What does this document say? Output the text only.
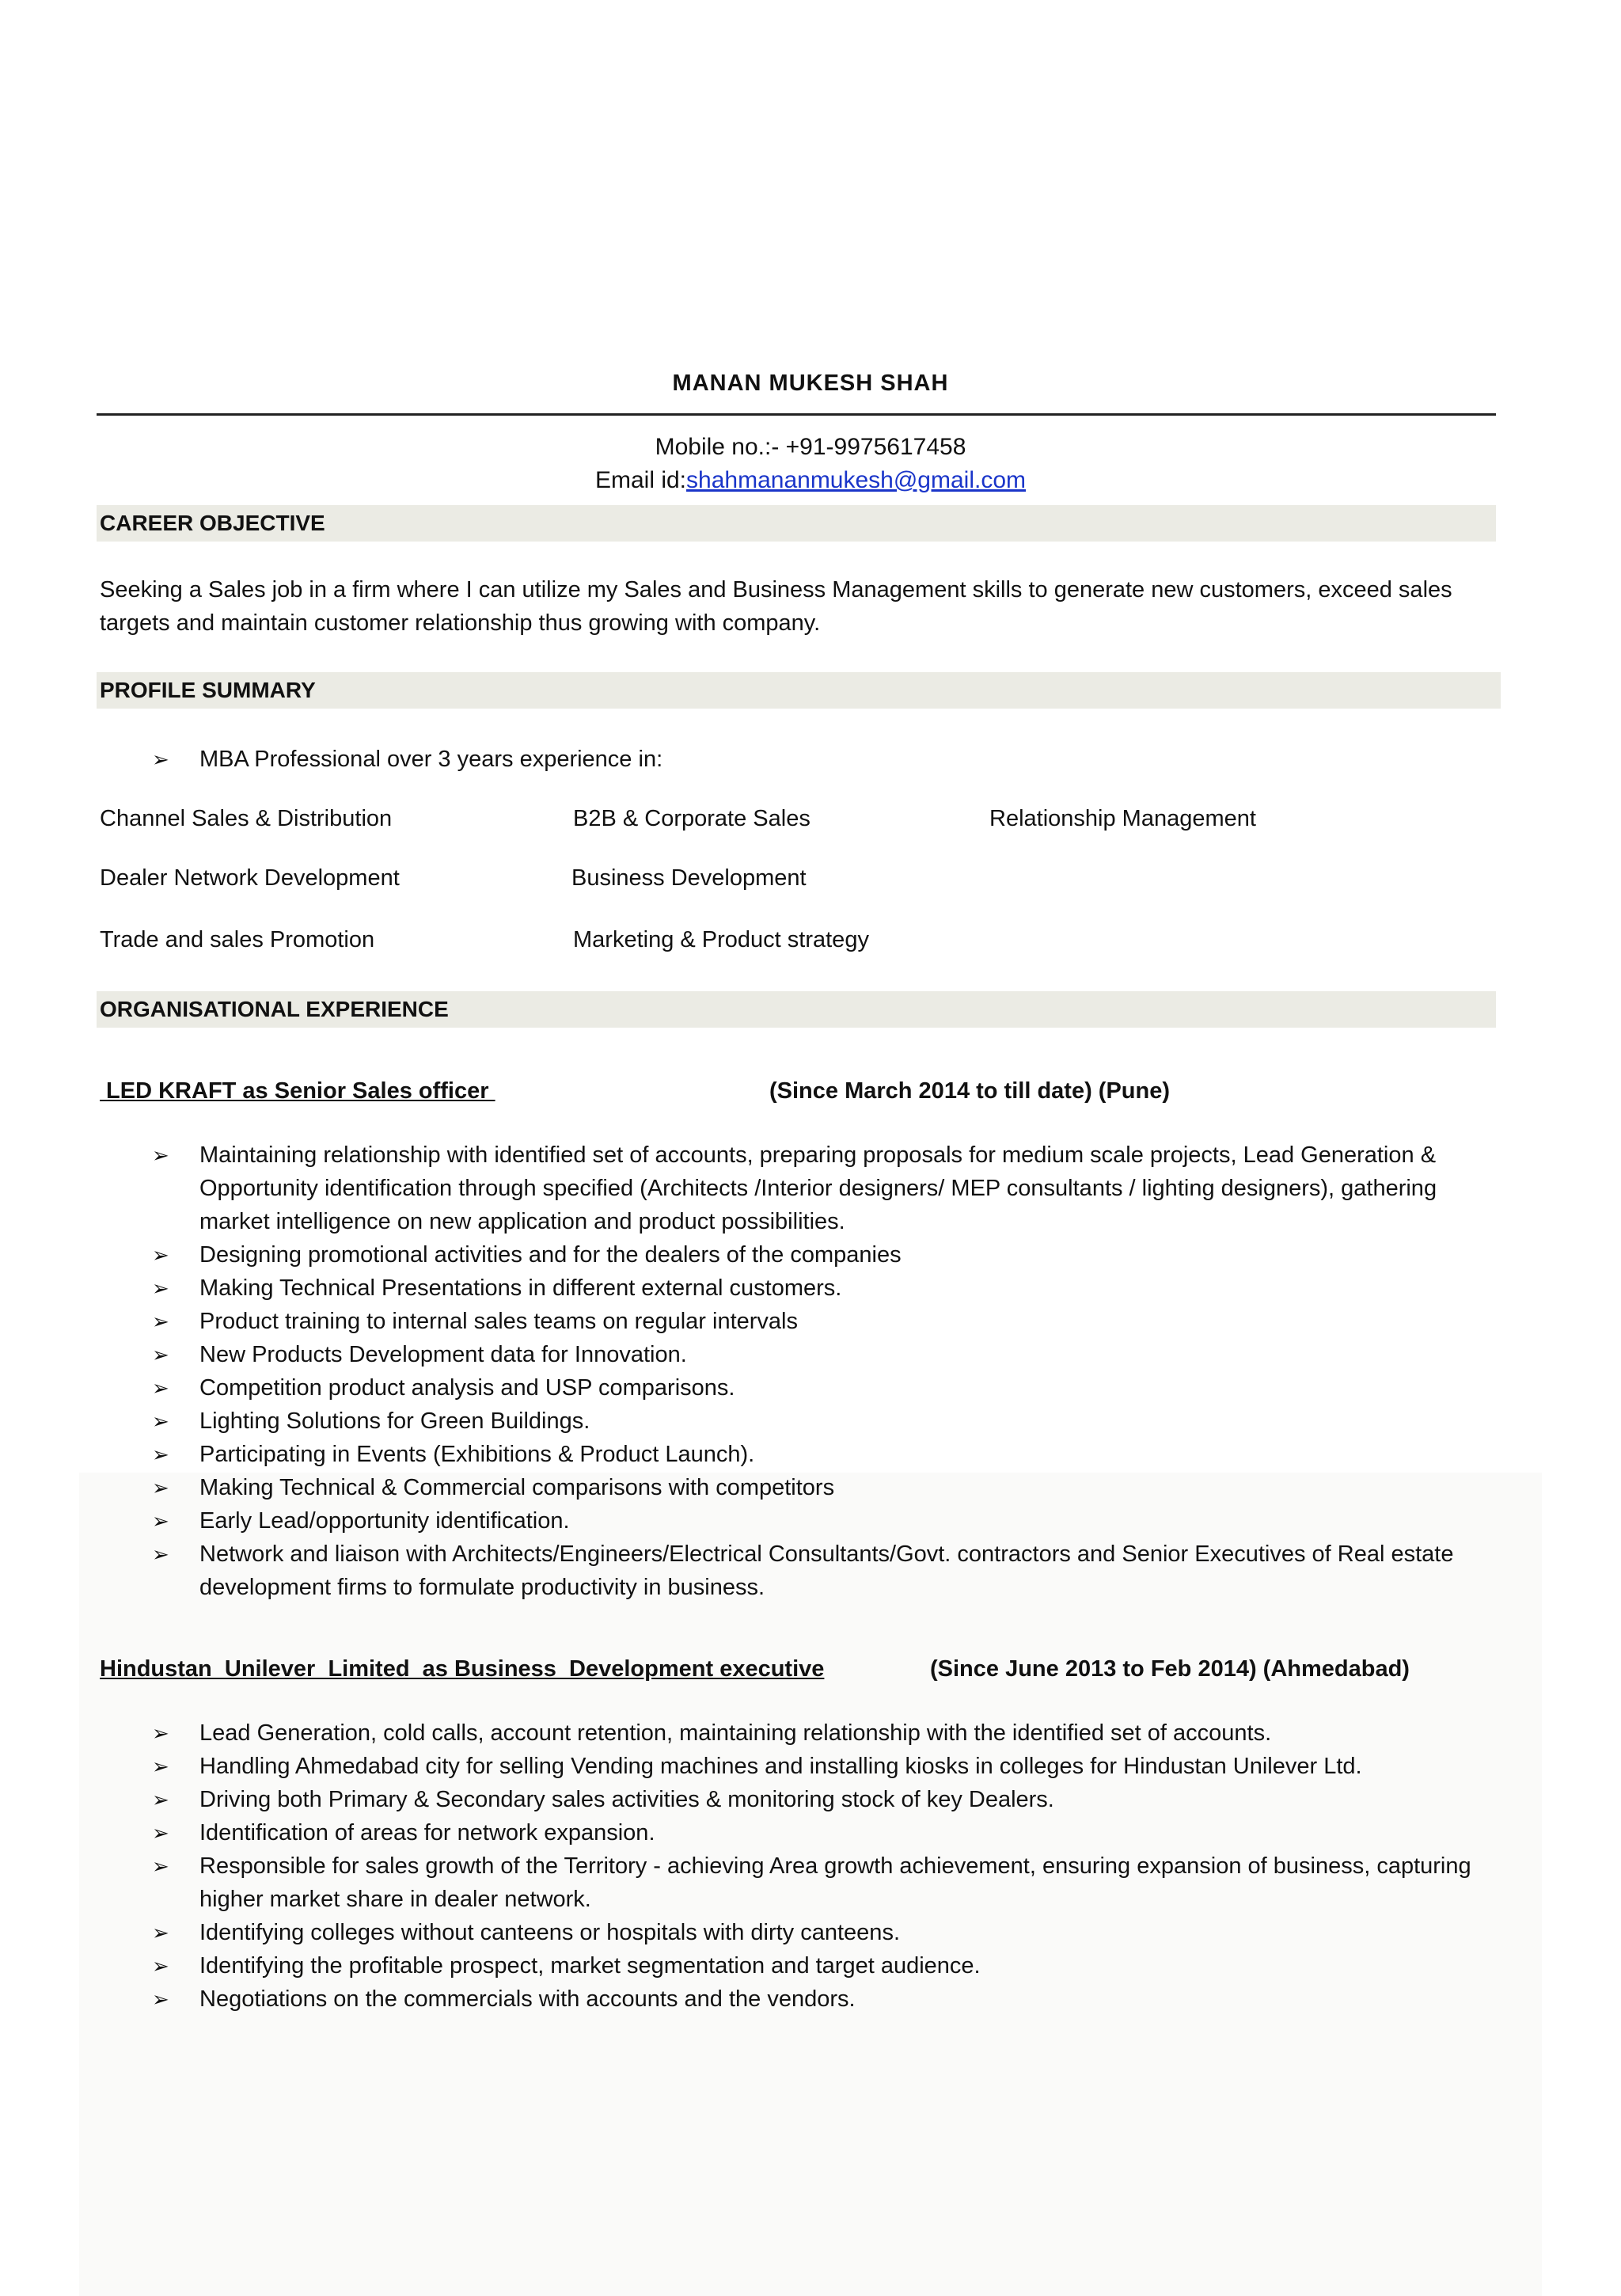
MANAN MUKESH SHAH
Mobile no.:- +91-9975617458
Email id:shahmananmukesh@gmail.com
CAREER OBJECTIVE
Seeking a Sales job in a firm where I can utilize my Sales and Business Management skills to generate new customers, exceed sales targets and maintain customer relationship thus growing with company.
PROFILE SUMMARY
➢	MBA Professional over 3 years experience in:
Channel Sales & Distribution	B2B & Corporate Sales	Relationship Management
Dealer Network Development	Business Development
Trade and sales Promotion	Marketing & Product strategy
ORGANISATIONAL EXPERIENCE
LED KRAFT as Senior Sales officer	(Since March 2014 to till date) (Pune)
➢ Maintaining relationship with identified set of accounts, preparing proposals for medium scale projects, Lead Generation & Opportunity identification through specified (Architects /Interior designers/ MEP consultants / lighting designers), gathering market intelligence on new application and product possibilities.
➢ Designing promotional activities and for the dealers of the companies
➢ Making Technical Presentations in different external customers.
➢ Product training to internal sales teams on regular intervals
➢ New Products Development data for Innovation.
➢ Competition product analysis and USP comparisons.
➢ Lighting Solutions for Green Buildings.
➢ Participating in Events (Exhibitions & Product Launch).
➢ Making Technical & Commercial comparisons with competitors
➢ Early Lead/opportunity identification.
➢ Network and liaison with Architects/Engineers/Electrical Consultants/Govt. contractors and Senior Executives of Real estate development firms to formulate productivity in business.
Hindustan  Unilever  Limited  as Business  Development executive	(Since June 2013 to Feb 2014) (Ahmedabad)
➢ Lead Generation, cold calls, account retention, maintaining relationship with the identified set of accounts.
➢ Handling Ahmedabad city for selling Vending machines and installing kiosks in colleges for Hindustan Unilever Ltd.
➢ Driving both Primary & Secondary sales activities & monitoring stock of key Dealers.
➢ Identification of areas for network expansion.
➢ Responsible for sales growth of the Territory - achieving Area growth achievement, ensuring expansion of business, capturing higher market share in dealer network.
➢ Identifying colleges without canteens or hospitals with dirty canteens.
➢ Identifying the profitable prospect, market segmentation and target audience.
➢ Negotiations on the commercials with accounts and the vendors.
